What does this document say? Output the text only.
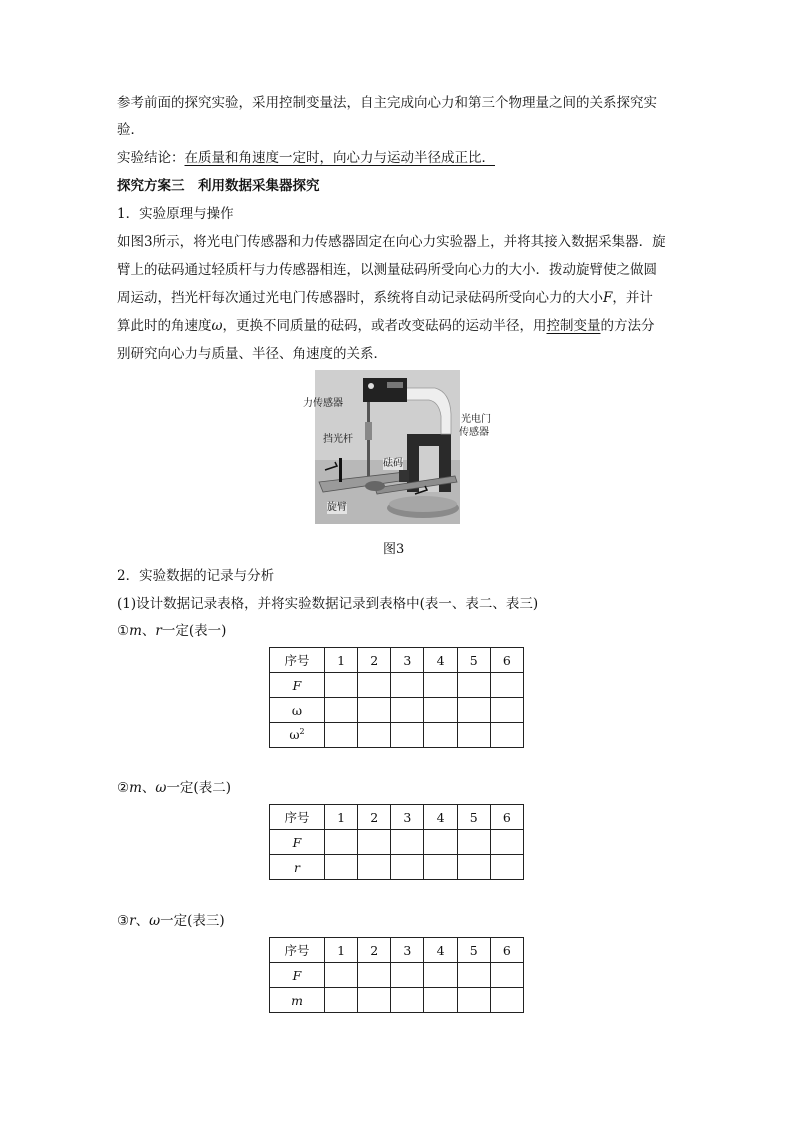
参考前面的探究实验，采用控制变量法，自主完成向心力和第三个物理量之间的关系探究实
验．
实验结论：在质量和角速度一定时，向心力与运动半径成正比．
探究方案三　利用数据采集器探究
1．实验原理与操作
如图3所示，将光电门传感器和力传感器固定在向心力实验器上，并将其接入数据采集器．旋
臂上的砝码通过轻质杆与力传感器相连，以测量砝码所受向心力的大小．拨动旋臂使之做圆
周运动，挡光杆每次通过光电门传感器时，系统将自动记录砝码所受向心力的大小F，并计
算此时的角速度ω，更换不同质量的砝码，或者改变砝码的运动半径，用控制变量的方法分
别研究向心力与质量、半径、角速度的关系．
力传感器
光电门
传感器
挡光杆
砝码
旋臂
图3
2．实验数据的记录与分析
(1)设计数据记录表格，并将实验数据记录到表格中(表一、表二、表三)
①m、r一定(表一)
序号	1	2	3	4	5	6
F						
ω						
$\omega^2$						
②m、ω一定(表二)
序号	1	2	3	4	5	6
F						
r						
③r、ω一定(表三)
序号	1	2	3	4	5	6
F						
m						
